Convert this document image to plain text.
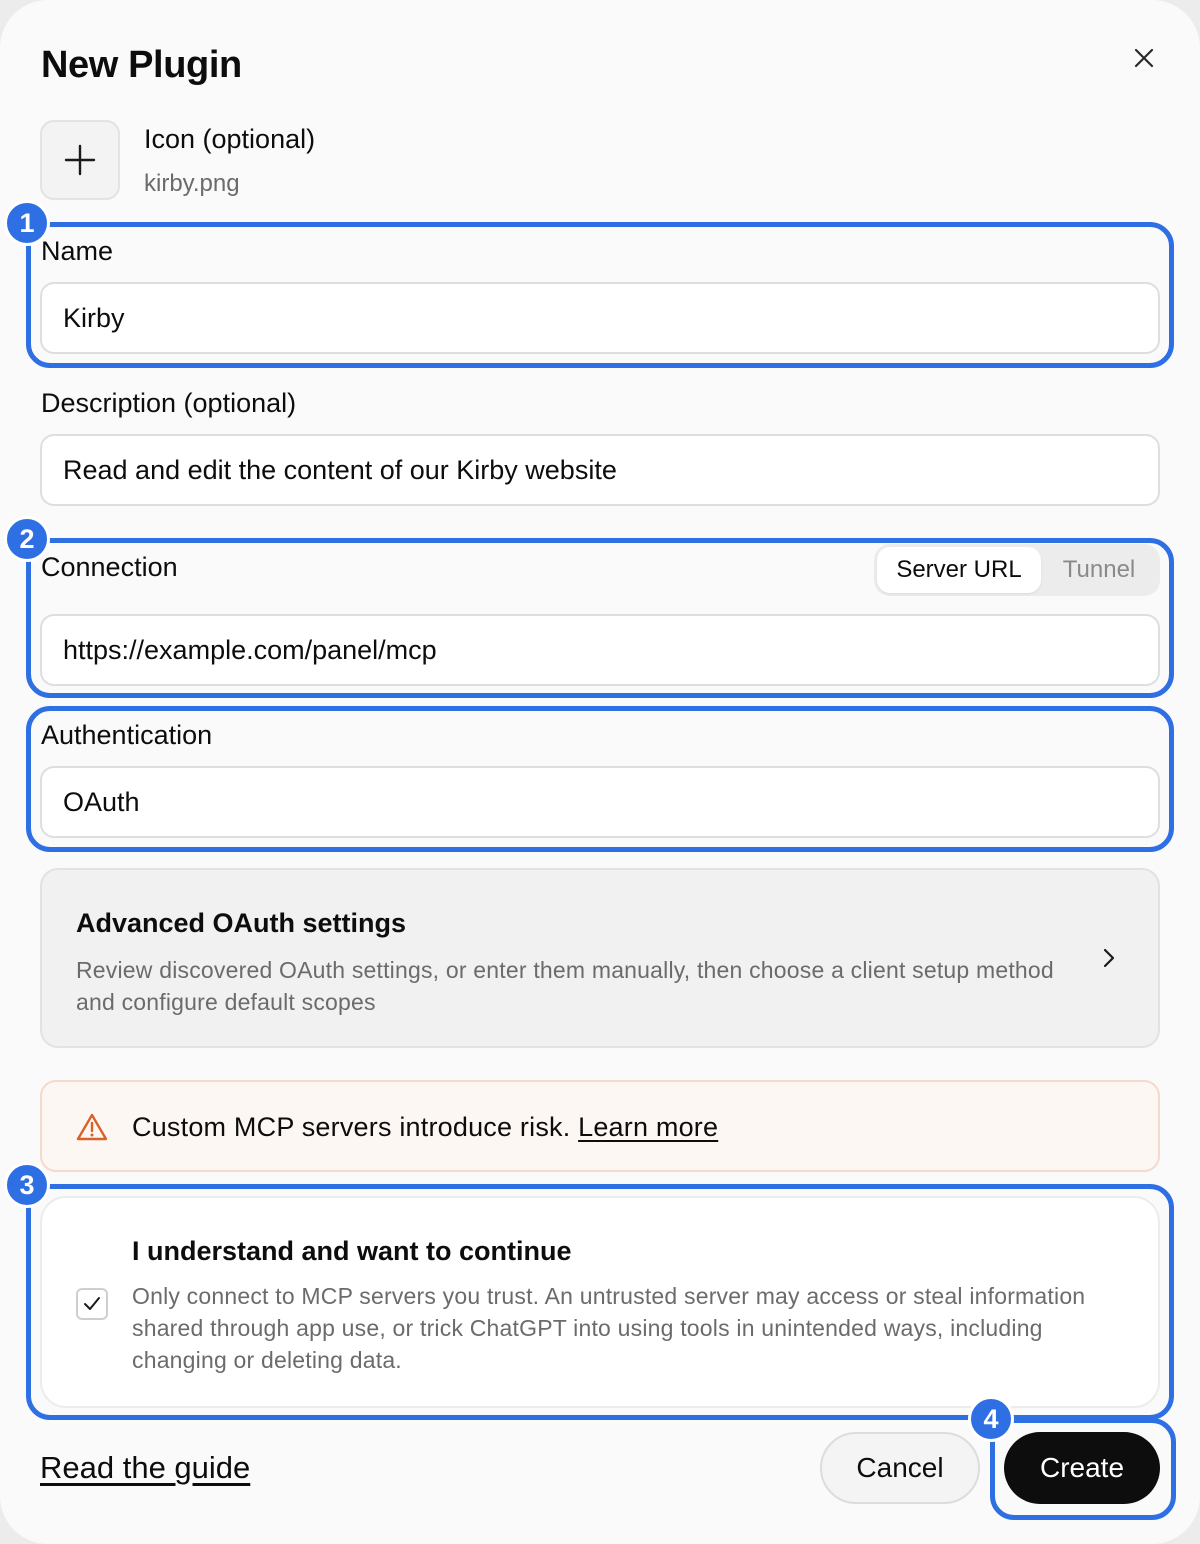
New Plugin
Icon (optional)
kirby.png
Name
Kirby
Description (optional)
Read and edit the content of our Kirby website
Connection	Server URL	Tunnel
https://example.com/panel/mcp
Authentication
OAuth
Advanced OAuth settings
Review discovered OAuth settings, or enter them manually, then choose a client setup method and configure default scopes
Custom MCP servers introduce risk. Learn more
I understand and want to continue
Only connect to MCP servers you trust. An untrusted server may access or steal information shared through app use, or trick ChatGPT into using tools in unintended ways, including changing or deleting data.
Read the guide	Cancel	Create
1
2
3
4
